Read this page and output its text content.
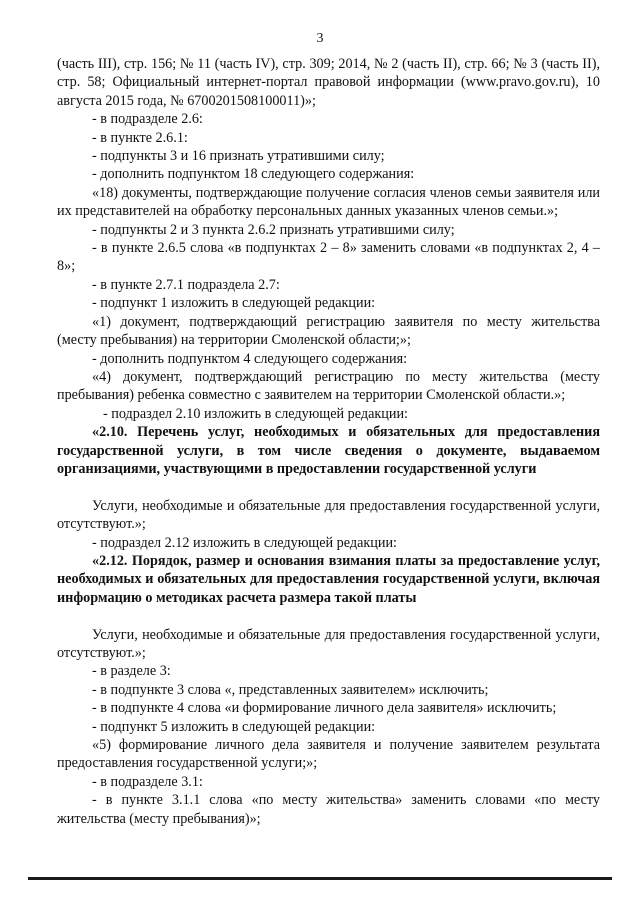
3

(часть III), стр. 156; № 11 (часть IV), стр. 309; 2014, № 2 (часть II), стр. 66; № 3 (часть II), стр. 58; Официальный интернет-портал правовой информации (www.pravo.gov.ru), 10 августа 2015 года, № 6700201508100011)»;

- в подразделе 2.6:

- в пункте 2.6.1:

- подпункты 3 и 16 признать утратившими силу;

- дополнить подпунктом 18 следующего содержания:

«18) документы, подтверждающие получение согласия членов семьи заявителя или их представителей на обработку персональных данных указанных членов семьи.»;

- подпункты 2 и 3 пункта 2.6.2 признать утратившими силу;

- в пункте 2.6.5 слова «в подпунктах 2 – 8» заменить словами «в подпунктах 2, 4 – 8»;

- в пункте 2.7.1 подраздела 2.7:

- подпункт 1 изложить в следующей редакции:

«1) документ, подтверждающий регистрацию заявителя по месту жительства (месту пребывания) на территории Смоленской области;»;

- дополнить подпунктом 4 следующего содержания:

«4) документ, подтверждающий регистрацию по месту жительства (месту пребывания) ребенка совместно с заявителем на территории Смоленской области.»;

- подраздел 2.10 изложить в следующей редакции:

«2.10. Перечень услуг, необходимых и обязательных для предоставления государственной услуги, в том числе сведения о документе, выдаваемом организациями, участвующими в предоставлении государственной услуги

Услуги, необходимые и обязательные для предоставления государственной услуги, отсутствуют.»;

- подраздел 2.12 изложить в следующей редакции:

«2.12. Порядок, размер и основания взимания платы за предоставление услуг, необходимых и обязательных для предоставления государственной услуги, включая информацию о методиках расчета размера такой платы

Услуги, необходимые и обязательные для предоставления государственной услуги, отсутствуют.»;

- в разделе 3:

- в подпункте 3 слова «, представленных заявителем» исключить;

- в подпункте 4 слова «и формирование личного дела заявителя» исключить;

- подпункт 5 изложить в следующей редакции:

«5) формирование личного дела заявителя и получение заявителем результата предоставления государственной услуги;»;

- в подразделе 3.1:

- в пункте 3.1.1 слова «по месту жительства» заменить словами «по месту жительства (месту пребывания)»;
